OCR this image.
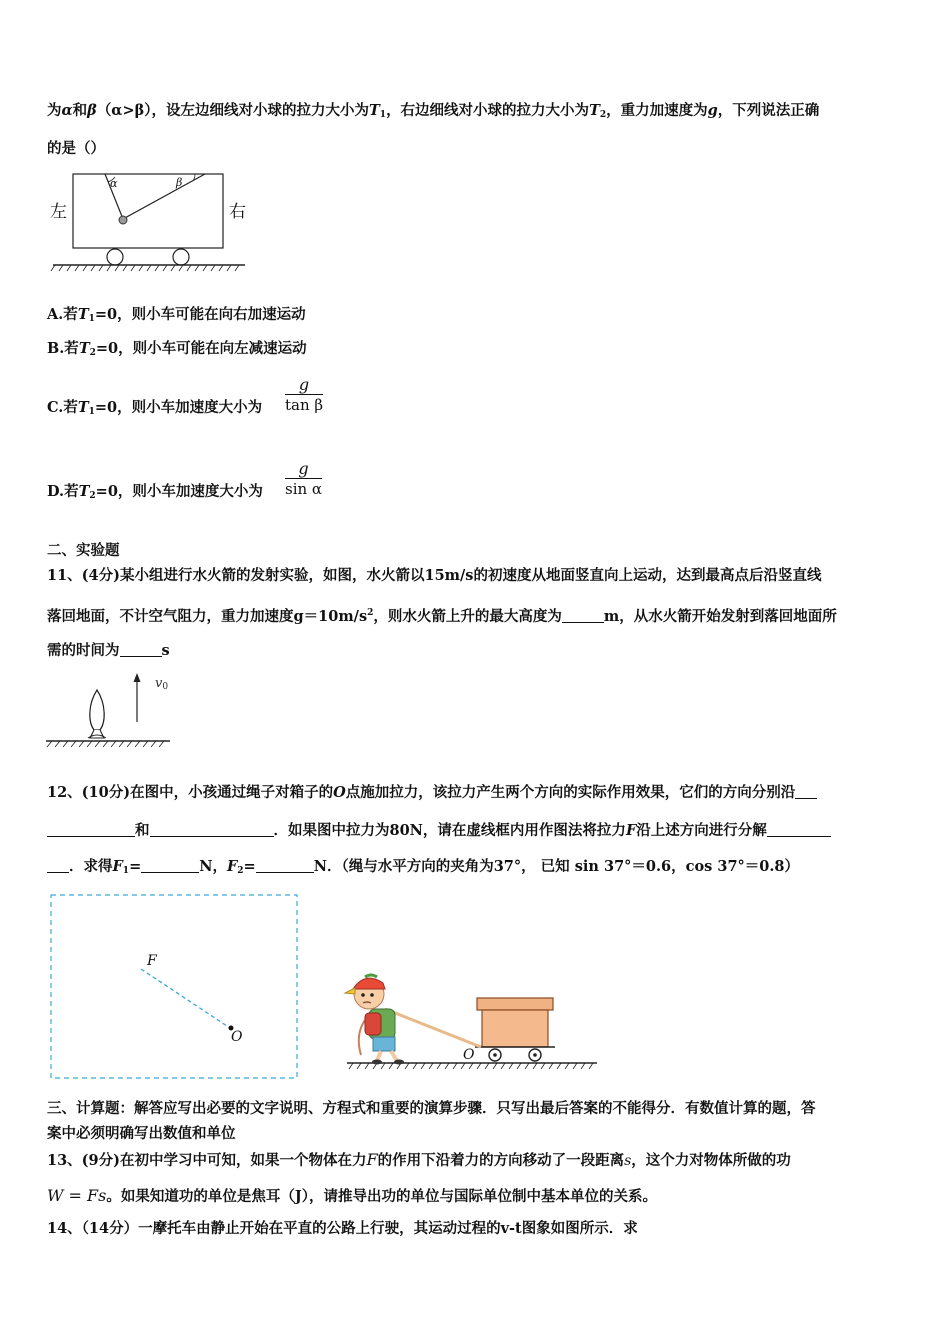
为α和β（α>β），设左边细线对小球的拉力大小为$T_1$，右边细线对小球的拉力大小为$T_2$，重力加速度为g，下列说法正确
的是（）
左	右
α	β
A.若$T_1=0$，则小车可能在向右加速运动
B.若$T_2=0$，则小车可能在向左减速运动
C.若$T_1=0$，则小车加速度大小为 $\frac{g}{\text{tan β}}$
D.若$T_2=0$，则小车加速度大小为 $\frac{g}{\text{sin α}}$
二、实验题
11、(4分)某小组进行水火箭的发射实验，如图，水火箭以15m/s的初速度从地面竖直向上运动，达到最高点后沿竖直线
落回地面，不计空气阻力，重力加速度$g=10m/s^2$，则水火箭上升的最大高度为	m，从水火箭开始发射到落回地面所
需的时间为	s
$v_0$
12、(10分)在图中，小孩通过绳子对箱子的O点施加拉力，该拉力产生两个方向的实际作用效果，它们的方向分别沿
和	．如果图中拉力为80N，请在虚线框内用作图法将拉力F沿上述方向进行分解
．求得$F_1=$	N，$F_2=$	N．（绳与水平方向的夹角为37°， 已知 sin 37°＝0.6，cos 37°＝0.8）
F
O
O
三、计算题：解答应写出必要的文字说明、方程式和重要的演算步骤．只写出最后答案的不能得分．有数值计算的题，答
案中必须明确写出数值和单位
13、(9分)在初中学习中可知，如果一个物体在力F的作用下沿着力的方向移动了一段距离s，这个力对物体所做的功
W = Fs。如果知道功的单位是焦耳（J），请推导出功的单位与国际单位制中基本单位的关系。
14、（14分）一摩托车由静止开始在平直的公路上行驶，其运动过程的v-t图象如图所示．求
